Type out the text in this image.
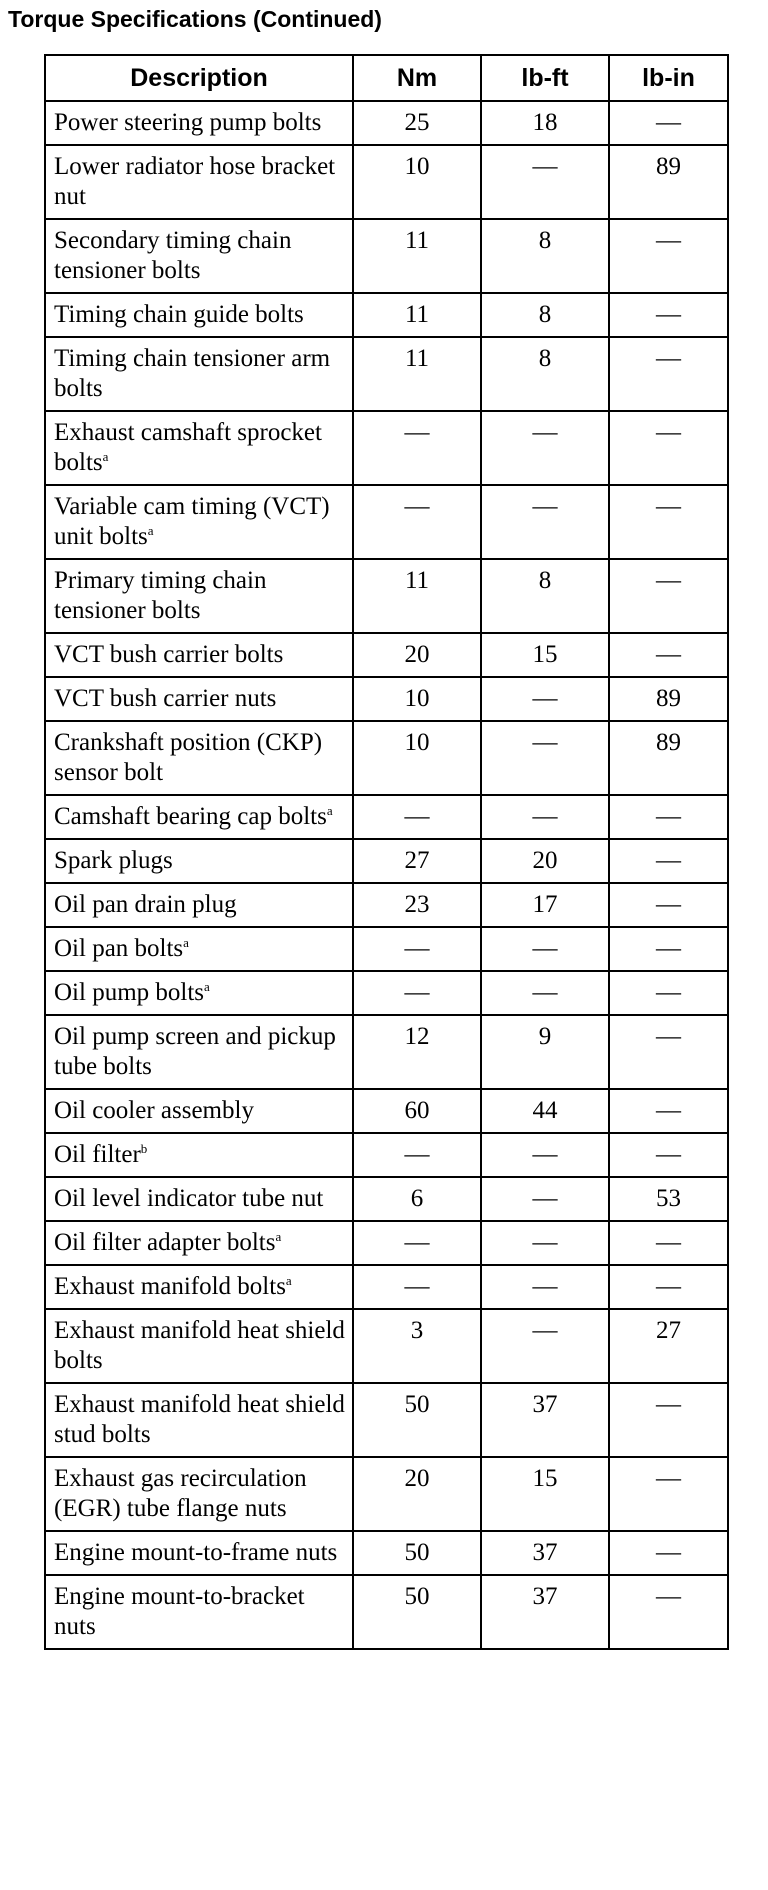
Torque Specifications (Continued)
Description	Nm	lb-ft	lb-in
Power steering pump bolts	25	18	—
Lower radiator hose bracket nut	10	—	89
Secondary timing chain tensioner bolts	11	8	—
Timing chain guide bolts	11	8	—
Timing chain tensioner arm bolts	11	8	—
Exhaust camshaft sprocket bolts$^a$	—	—	—
Variable cam timing (VCT) unit bolts$^a$	—	—	—
Primary timing chain tensioner bolts	11	8	—
VCT bush carrier bolts	20	15	—
VCT bush carrier nuts	10	—	89
Crankshaft position (CKP) sensor bolt	10	—	89
Camshaft bearing cap bolts$^a$	—	—	—
Spark plugs	27	20	—
Oil pan drain plug	23	17	—
Oil pan bolts$^a$	—	—	—
Oil pump bolts$^a$	—	—	—
Oil pump screen and pickup tube bolts	12	9	—
Oil cooler assembly	60	44	—
Oil filter$^b$	—	—	—
Oil level indicator tube nut	6	—	53
Oil filter adapter bolts$^a$	—	—	—
Exhaust manifold bolts$^a$	—	—	—
Exhaust manifold heat shield bolts	3	—	27
Exhaust manifold heat shield stud bolts	50	37	—
Exhaust gas recirculation (EGR) tube flange nuts	20	15	—
Engine mount-to-frame nuts	50	37	—
Engine mount-to-bracket nuts	50	37	—
